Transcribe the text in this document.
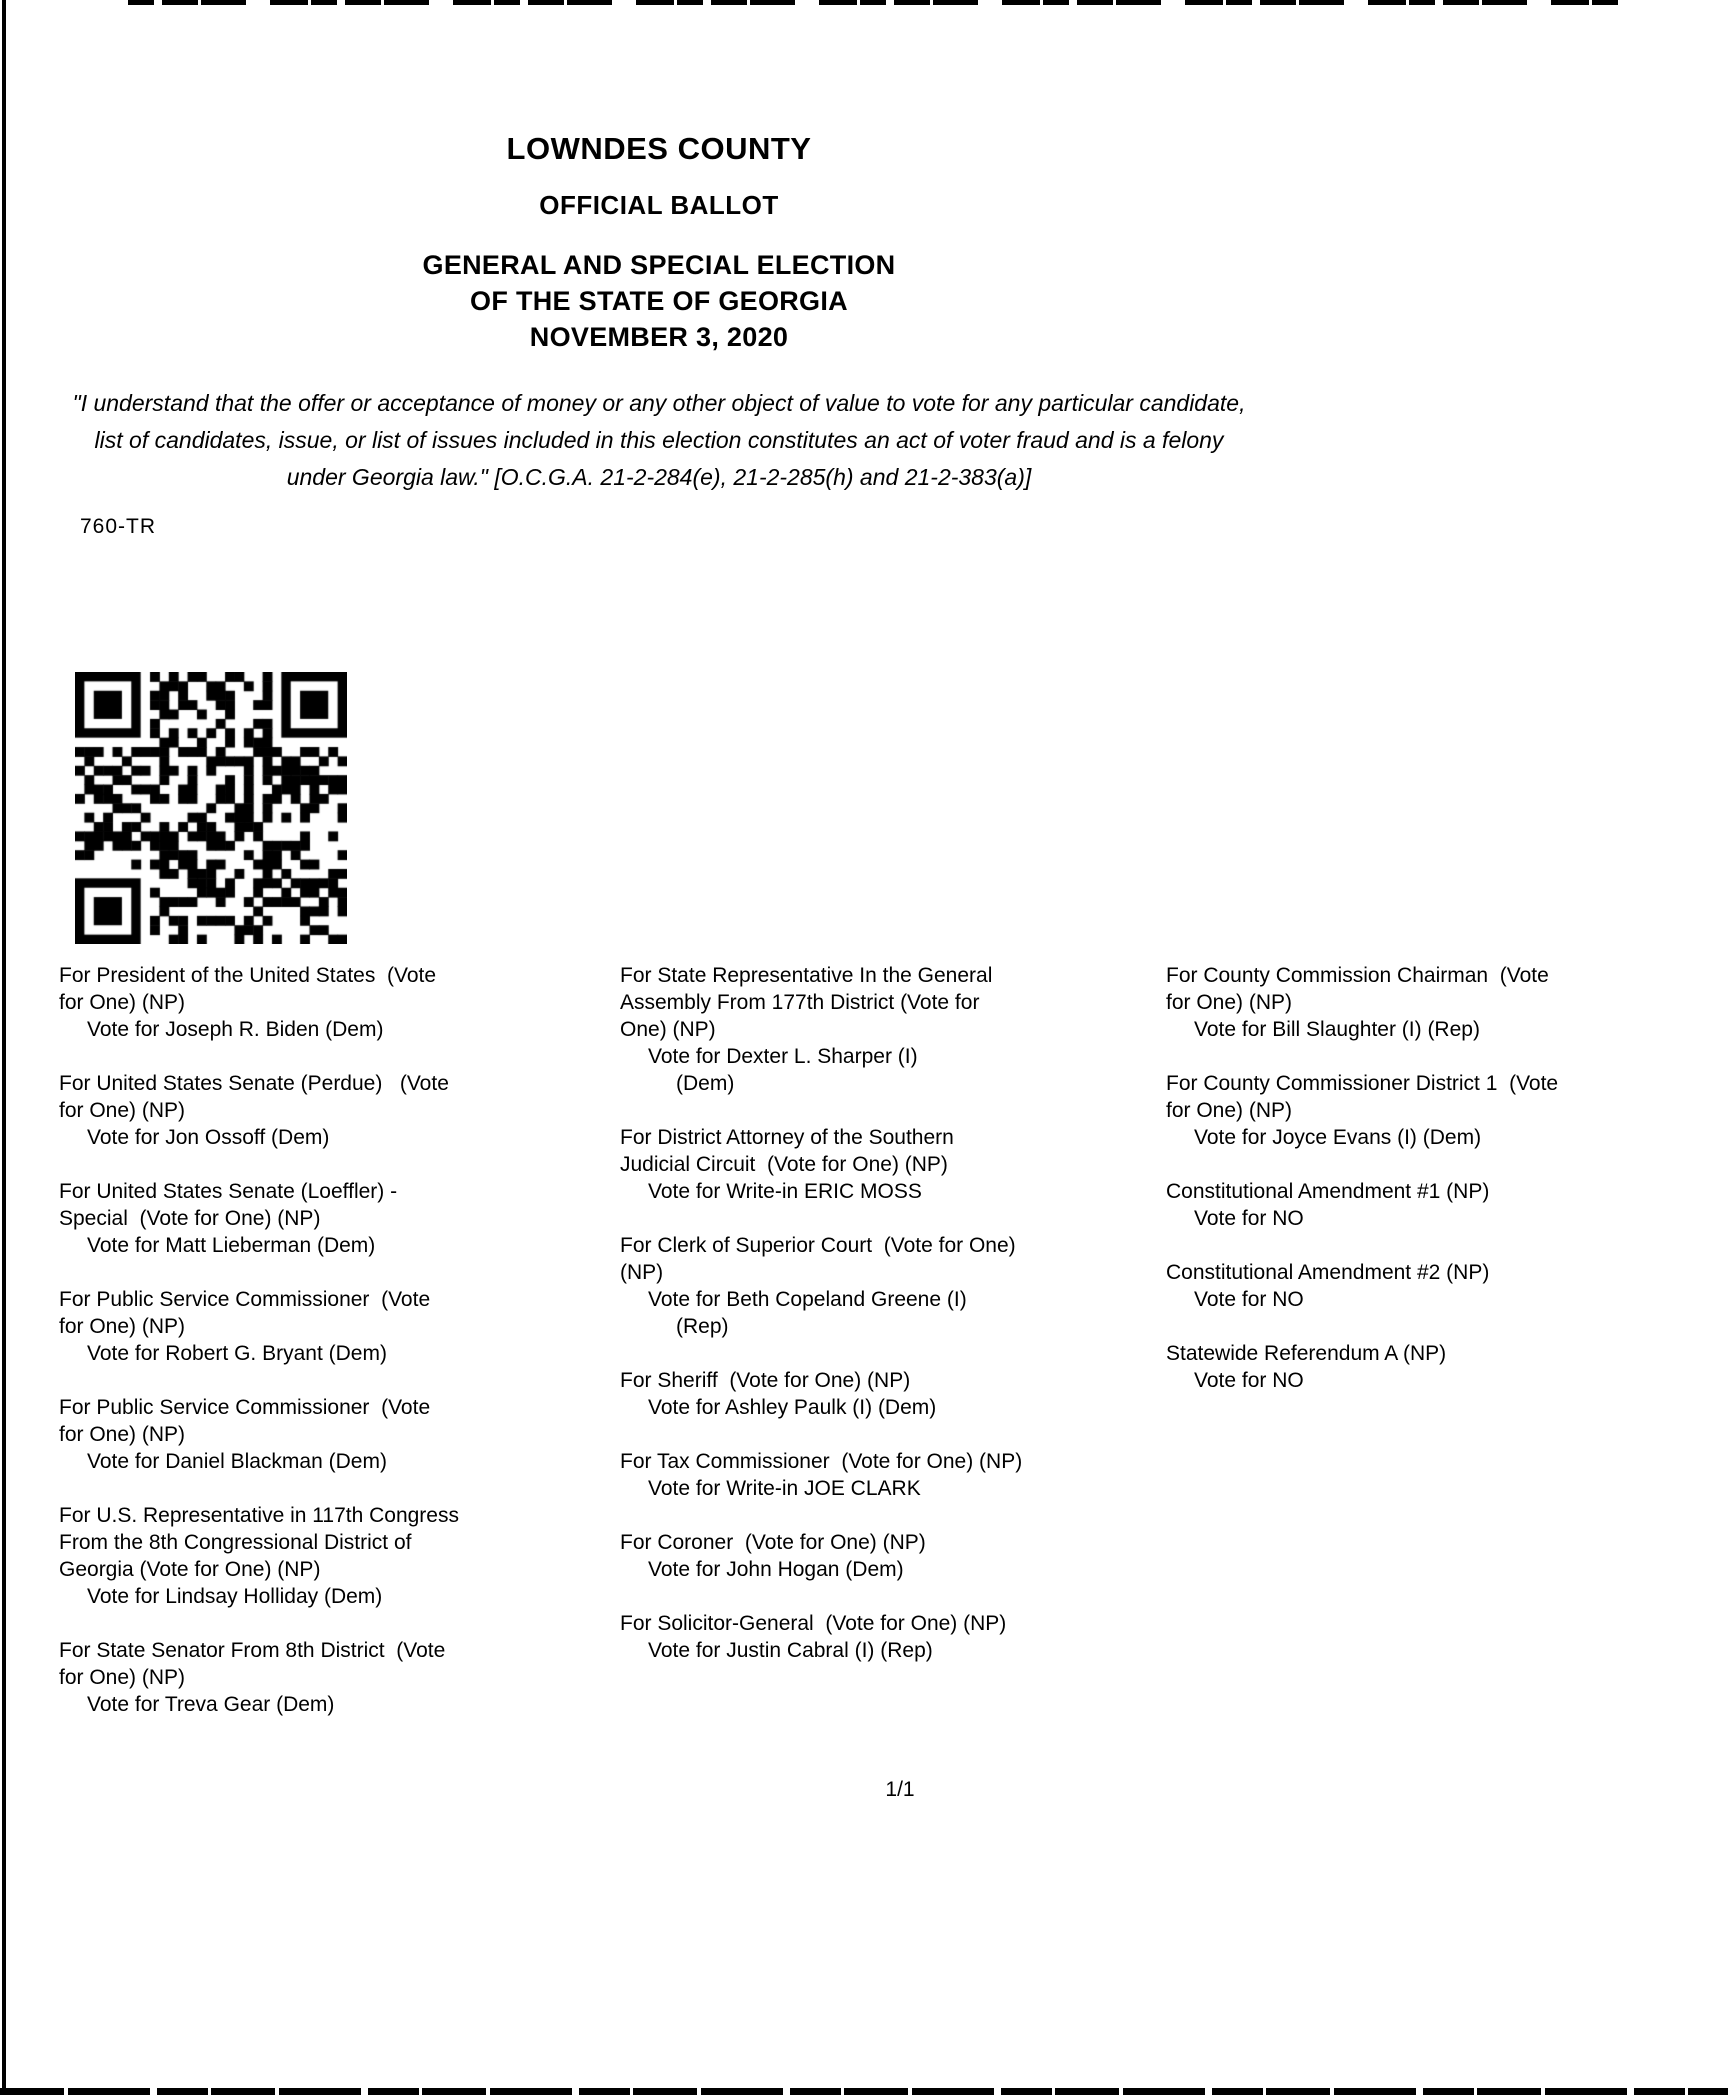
LOWNDES COUNTY
OFFICIAL BALLOT
GENERAL AND SPECIAL ELECTION
OF THE STATE OF GEORGIA
NOVEMBER 3, 2020
"I understand that the offer or acceptance of money or any other object of value to vote for any particular candidate,
list of candidates, issue, or list of issues included in this election constitutes an act of voter fraud and is a felony
under Georgia law." [O.C.G.A. 21-2-284(e), 21-2-285(h) and 21-2-383(a)]
760-TR
For President of the United States  (Vote
for One) (NP)
Vote for Joseph R. Biden (Dem)
For United States Senate (Perdue)   (Vote
for One) (NP)
Vote for Jon Ossoff (Dem)
For United States Senate (Loeffler) -
Special  (Vote for One) (NP)
Vote for Matt Lieberman (Dem)
For Public Service Commissioner  (Vote
for One) (NP)
Vote for Robert G. Bryant (Dem)
For Public Service Commissioner  (Vote
for One) (NP)
Vote for Daniel Blackman (Dem)
For U.S. Representative in 117th Congress
From the 8th Congressional District of
Georgia (Vote for One) (NP)
Vote for Lindsay Holliday (Dem)
For State Senator From 8th District  (Vote
for One) (NP)
Vote for Treva Gear (Dem)
For State Representative In the General
Assembly From 177th District (Vote for
One) (NP)
Vote for Dexter L. Sharper (I)
(Dem)
For District Attorney of the Southern
Judicial Circuit  (Vote for One) (NP)
Vote for Write-in ERIC MOSS
For Clerk of Superior Court  (Vote for One)
(NP)
Vote for Beth Copeland Greene (I)
(Rep)
For Sheriff  (Vote for One) (NP)
Vote for Ashley Paulk (I) (Dem)
For Tax Commissioner  (Vote for One) (NP)
Vote for Write-in JOE CLARK
For Coroner  (Vote for One) (NP)
Vote for John Hogan (Dem)
For Solicitor-General  (Vote for One) (NP)
Vote for Justin Cabral (I) (Rep)
For County Commission Chairman  (Vote
for One) (NP)
Vote for Bill Slaughter (I) (Rep)
For County Commissioner District 1  (Vote
for One) (NP)
Vote for Joyce Evans (I) (Dem)
Constitutional Amendment #1 (NP)
Vote for NO
Constitutional Amendment #2 (NP)
Vote for NO
Statewide Referendum A (NP)
Vote for NO
1/1
